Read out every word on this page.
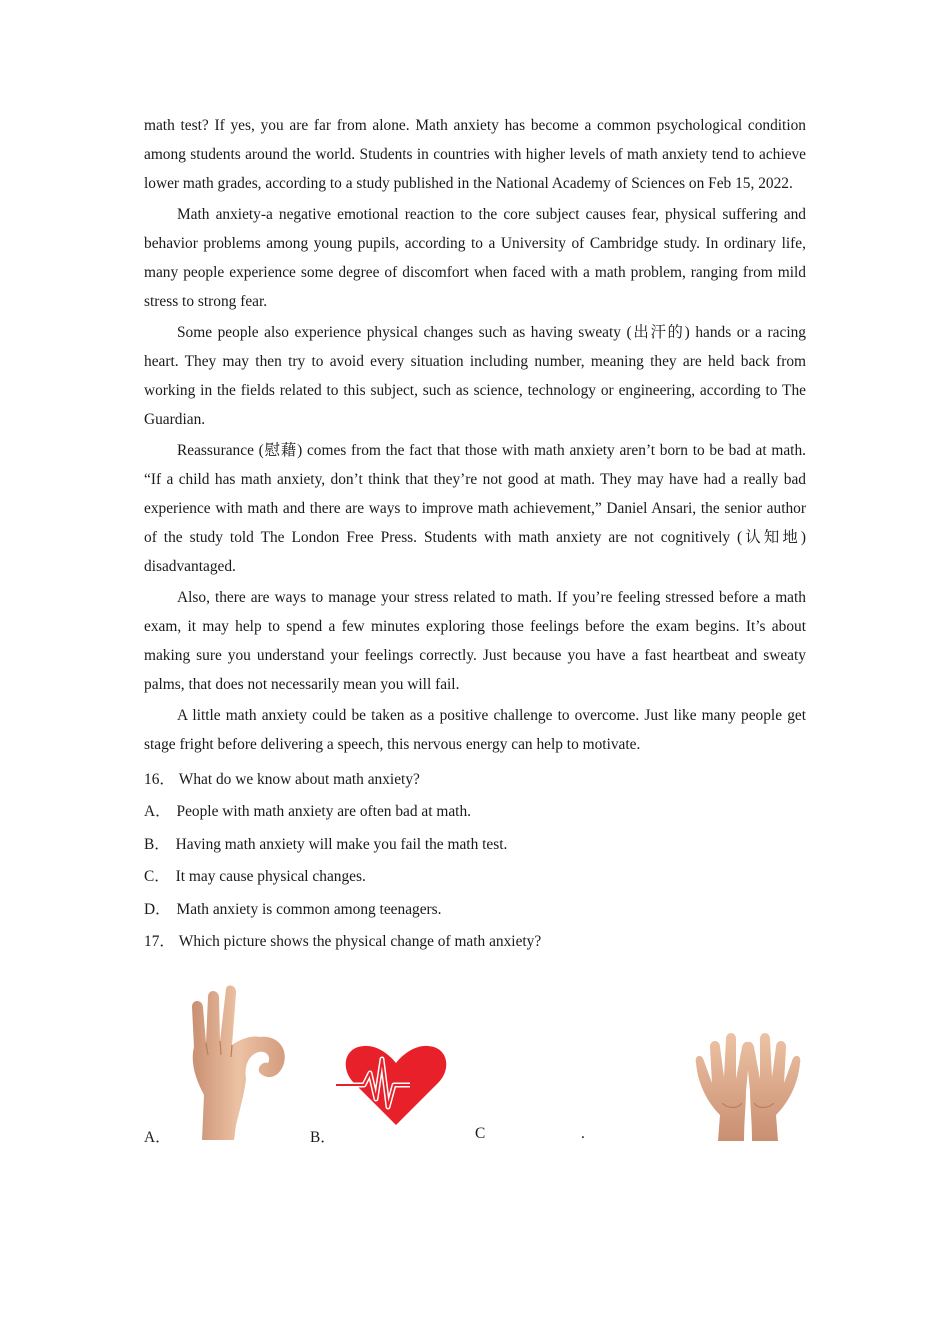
math test? If yes, you are far from alone. Math anxiety has become a common psychological condition among students around the world. Students in countries with higher levels of math anxiety tend to achieve lower math grades, according to a study published in the National Academy of Sciences on Feb 15, 2022.

Math anxiety-a negative emotional reaction to the core subject causes fear, physical suffering and behavior problems among young pupils, according to a University of Cambridge study. In ordinary life, many people experience some degree of discomfort when faced with a math problem, ranging from mild stress to strong fear.

Some people also experience physical changes such as having sweaty (出汗的) hands or a racing heart. They may then try to avoid every situation including number, meaning they are held back from working in the fields related to this subject, such as science, technology or engineering, according to The Guardian.

Reassurance (慰藉) comes from the fact that those with math anxiety aren’t born to be bad at math. “If a child has math anxiety, don’t think that they’re not good at math. They may have had a really bad experience with math and there are ways to improve math achievement,” Daniel Ansari, the senior author of the study told The London Free Press. Students with math anxiety are not cognitively (认知地) disadvantaged.

Also, there are ways to manage your stress related to math. If you’re feeling stressed before a math exam, it may help to spend a few minutes exploring those feelings before the exam begins. It’s about making sure you understand your feelings correctly. Just because you have a fast heartbeat and sweaty palms, that does not necessarily mean you will fail.

A little math anxiety could be taken as a positive challenge to overcome. Just like many people get stage fright before delivering a speech, this nervous energy can help to motivate.

16． What do we know about math anxiety?
A． People with math anxiety are often bad at math.
B． Having math anxiety will make you fail the math test.
C． It may cause physical changes.
D． Math anxiety is common among teenagers.
17． Which picture shows the physical change of math anxiety?
A．	B．	C	.
